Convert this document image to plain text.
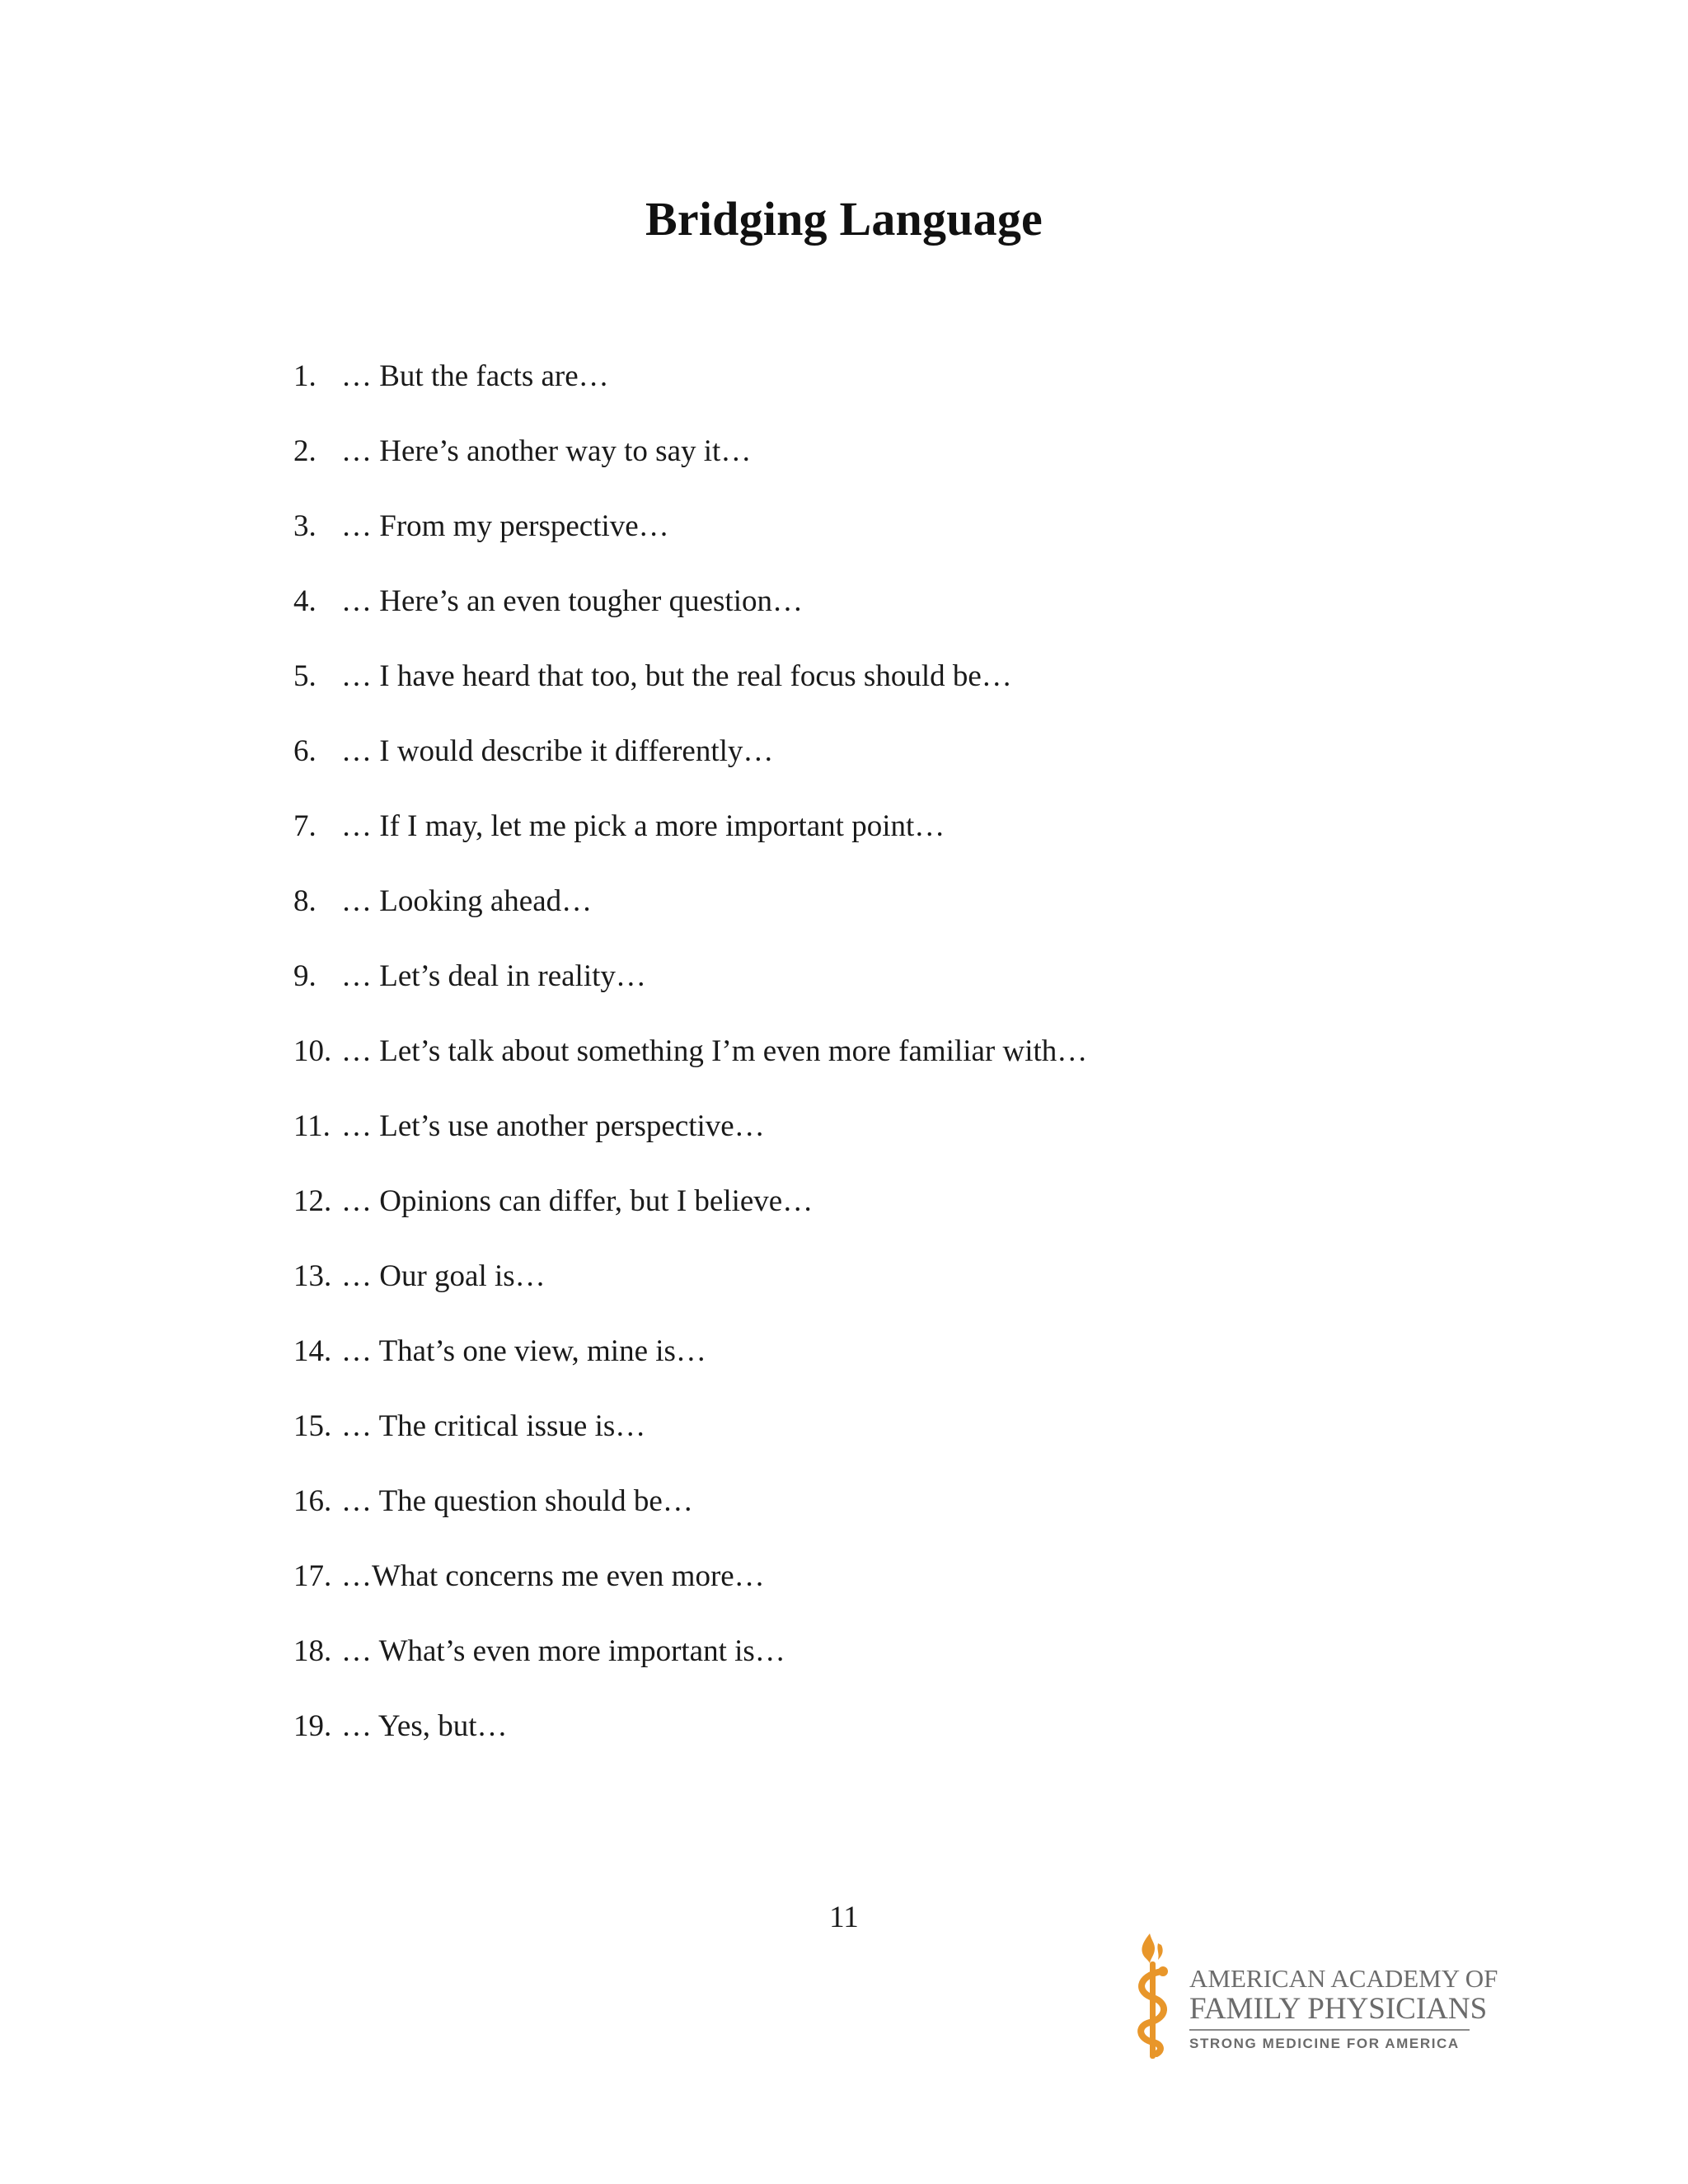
Bridging Language
1. … But the facts are…
2. … Here’s another way to say it…
3. … From my perspective…
4. … Here’s an even tougher question…
5. … I have heard that too, but the real focus should be…
6. … I would describe it differently…
7. … If I may, let me pick a more important point…
8. … Looking ahead…
9. … Let’s deal in reality…
10. … Let’s talk about something I’m even more familiar with…
11. … Let’s use another perspective…
12. … Opinions can differ, but I believe…
13. … Our goal is…
14. … That’s one view, mine is…
15. … The critical issue is…
16. … The question should be…
17. …What concerns me even more…
18. … What’s even more important is…
19. … Yes, but…
11
AMERICAN ACADEMY OF
FAMILY PHYSICIANS
STRONG MEDICINE FOR AMERICA
